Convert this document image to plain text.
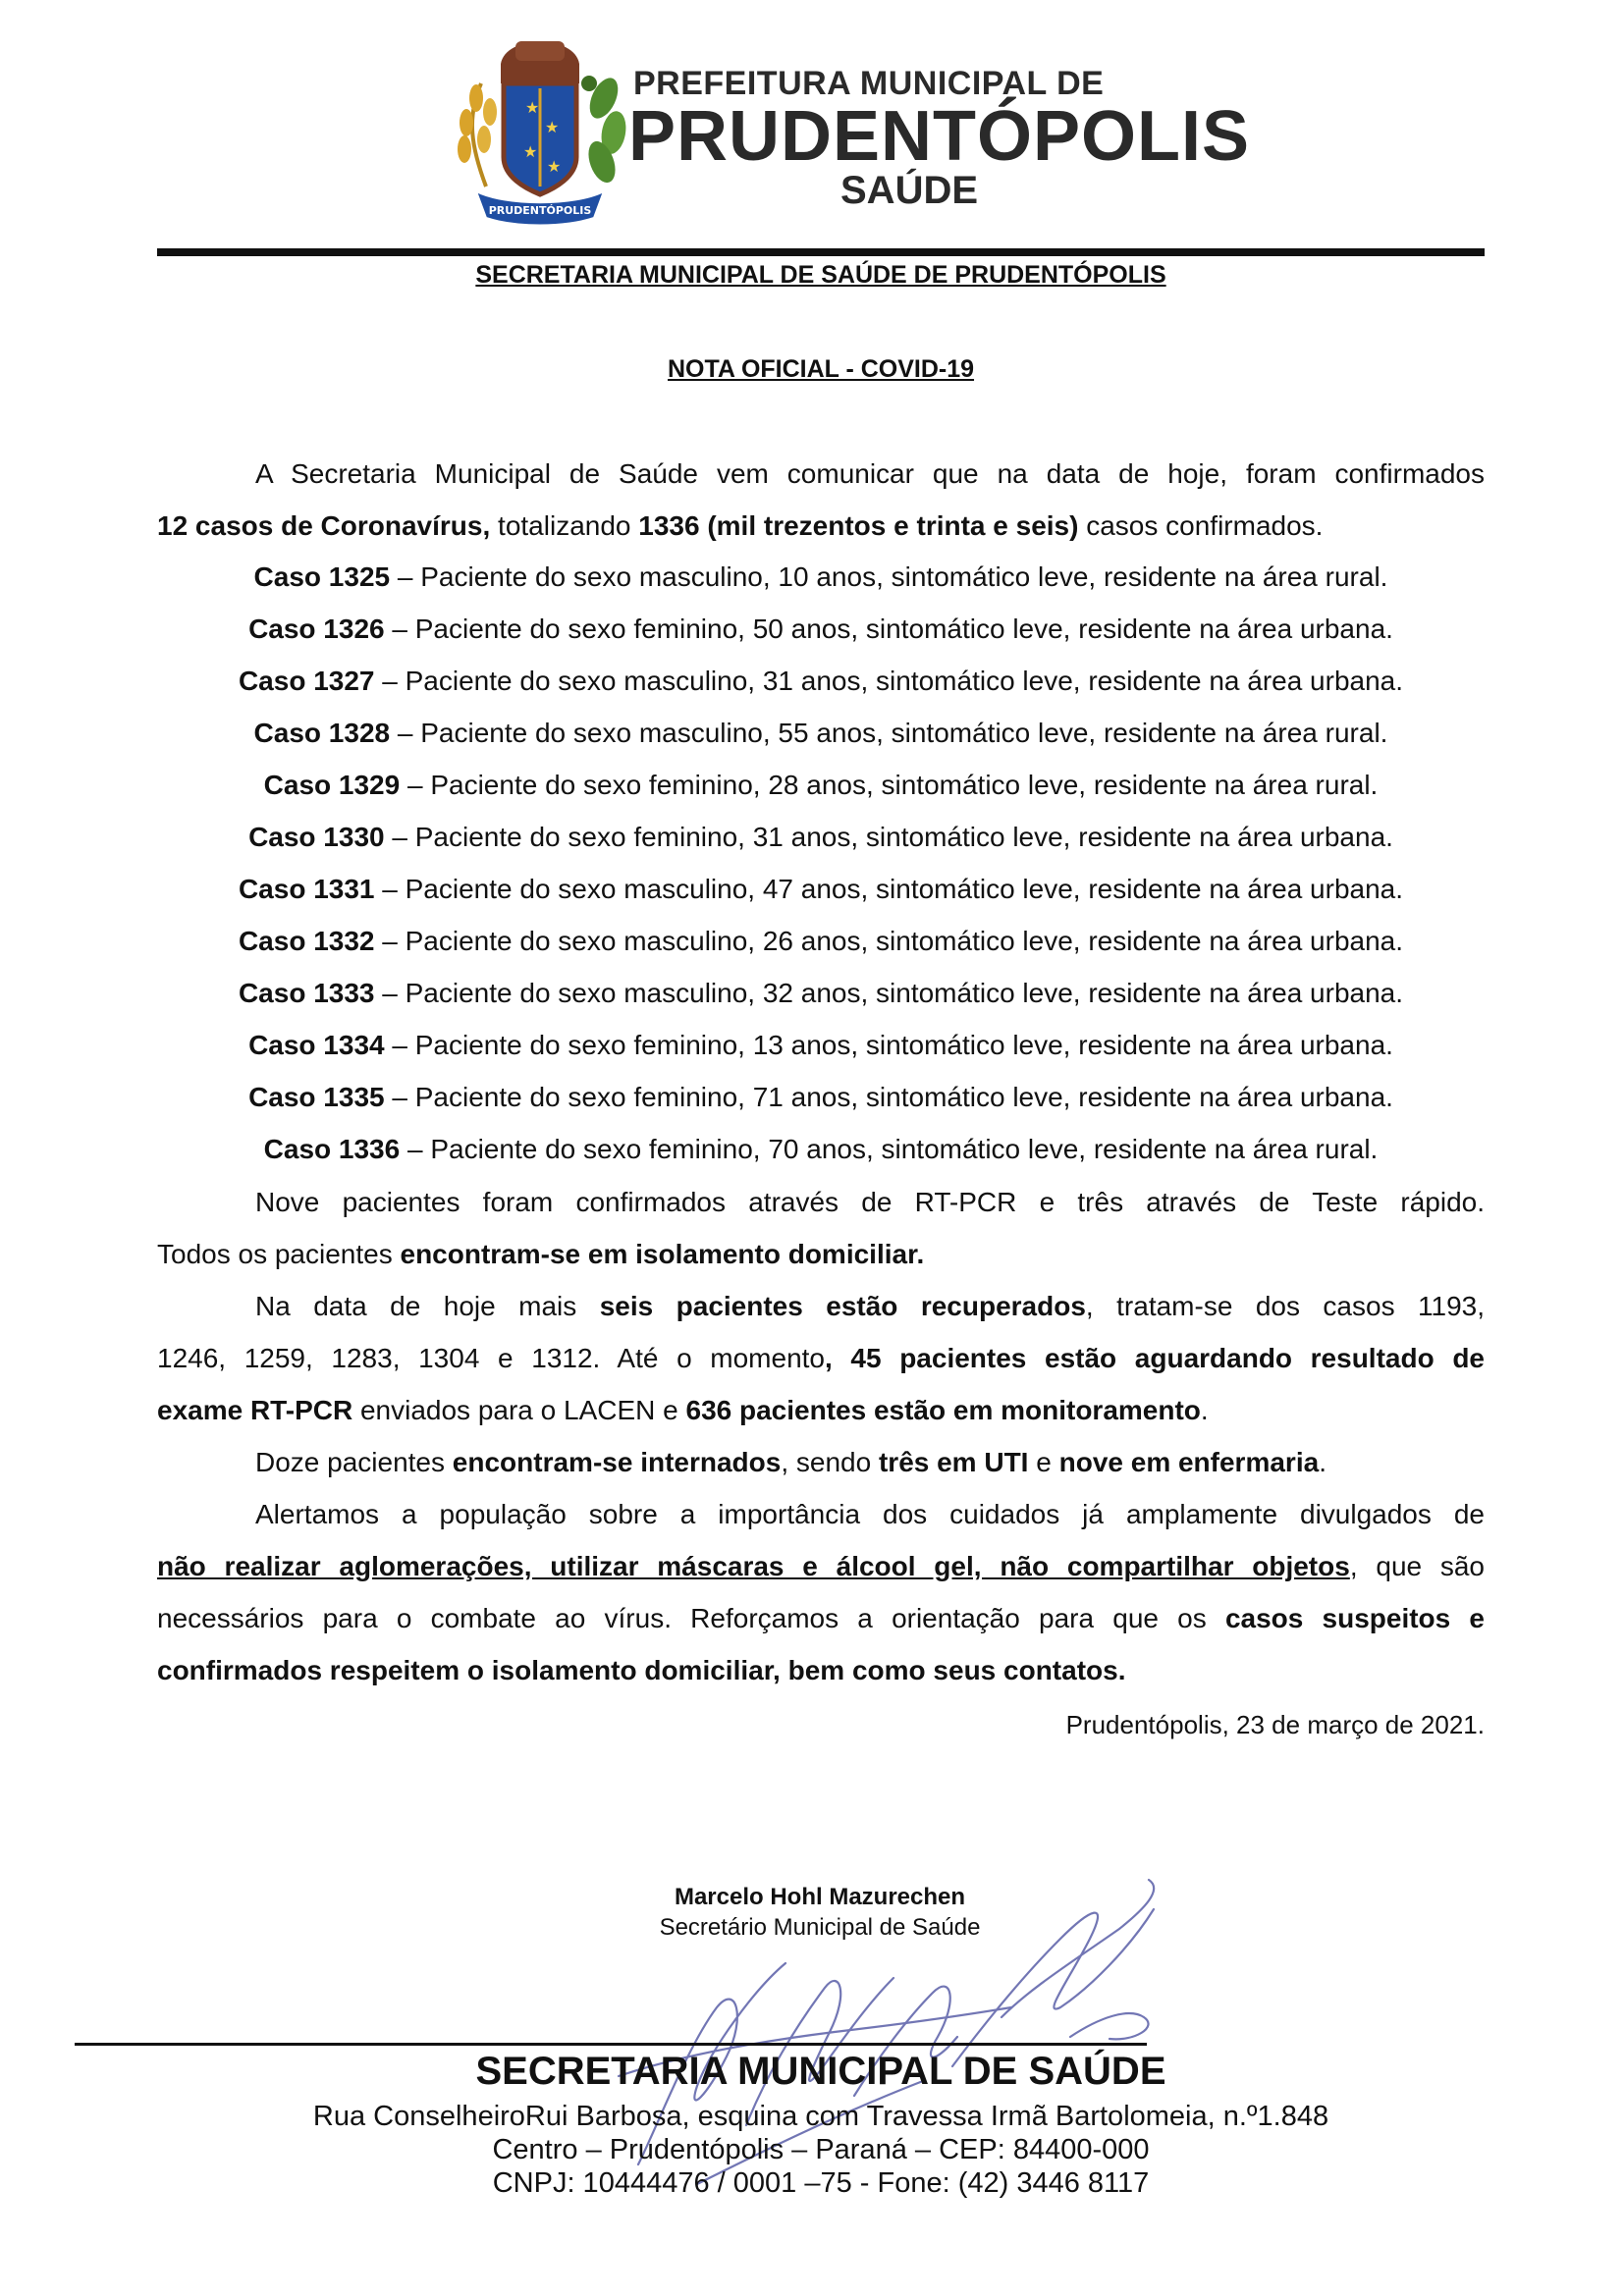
★
★
★
★
PRUDENTÓPOLIS
PREFEITURA MUNICIPAL DE
PRUDENTÓPOLIS
SAÚDE
SECRETARIA MUNICIPAL DE SAÚDE DE PRUDENTÓPOLIS
NOTA OFICIAL - COVID-19
A Secretaria Municipal de Saúde vem comunicar que na data de hoje, foram confirmados
12 casos de Coronavírus, totalizando 1336 (mil trezentos e trinta e seis) casos confirmados.
Caso 1325 – Paciente do sexo masculino, 10 anos, sintomático leve, residente na área rural.
Caso 1326 – Paciente do sexo feminino, 50 anos, sintomático leve, residente na área urbana.
Caso 1327 – Paciente do sexo masculino, 31 anos, sintomático leve, residente na área urbana.
Caso 1328 – Paciente do sexo masculino, 55 anos, sintomático leve, residente na área rural.
Caso 1329 – Paciente do sexo feminino, 28 anos, sintomático leve, residente na área rural.
Caso 1330 – Paciente do sexo feminino, 31 anos, sintomático leve, residente na área urbana.
Caso 1331 – Paciente do sexo masculino, 47 anos, sintomático leve, residente na área urbana.
Caso 1332 – Paciente do sexo masculino, 26 anos, sintomático leve, residente na área urbana.
Caso 1333 – Paciente do sexo masculino, 32 anos, sintomático leve, residente na área urbana.
Caso 1334 – Paciente do sexo feminino, 13 anos, sintomático leve, residente na área urbana.
Caso 1335 – Paciente do sexo feminino, 71 anos, sintomático leve, residente na área urbana.
Caso 1336 – Paciente do sexo feminino, 70 anos, sintomático leve, residente na área rural.
Nove pacientes foram confirmados através de RT-PCR e três através de Teste rápido.
Todos os pacientes encontram-se em isolamento domiciliar.
Na data de hoje mais seis pacientes estão recuperados, tratam-se dos casos 1193,
1246, 1259, 1283, 1304 e 1312. Até o momento, 45 pacientes estão aguardando resultado de
exame RT-PCR enviados para o LACEN e 636 pacientes estão em monitoramento.
Doze pacientes encontram-se internados, sendo três em UTI e nove em enfermaria.
Alertamos a população sobre a importância dos cuidados já amplamente divulgados de
não realizar aglomerações, utilizar máscaras e álcool gel, não compartilhar objetos, que são
necessários para o combate ao vírus. Reforçamos a orientação para que os casos suspeitos e
confirmados respeitem o isolamento domiciliar, bem como seus contatos.
Prudentópolis, 23 de março de 2021.
Marcelo Hohl Mazurechen
Secretário Municipal de Saúde
SECRETARIA MUNICIPAL DE SAÚDE
Rua ConselheiroRui Barbosa, esquina com Travessa Irmã Bartolomeia, n.º1.848
Centro – Prudentópolis – Paraná – CEP: 84400-000
CNPJ: 10444476 / 0001 –75 - Fone: (42) 3446 8117
